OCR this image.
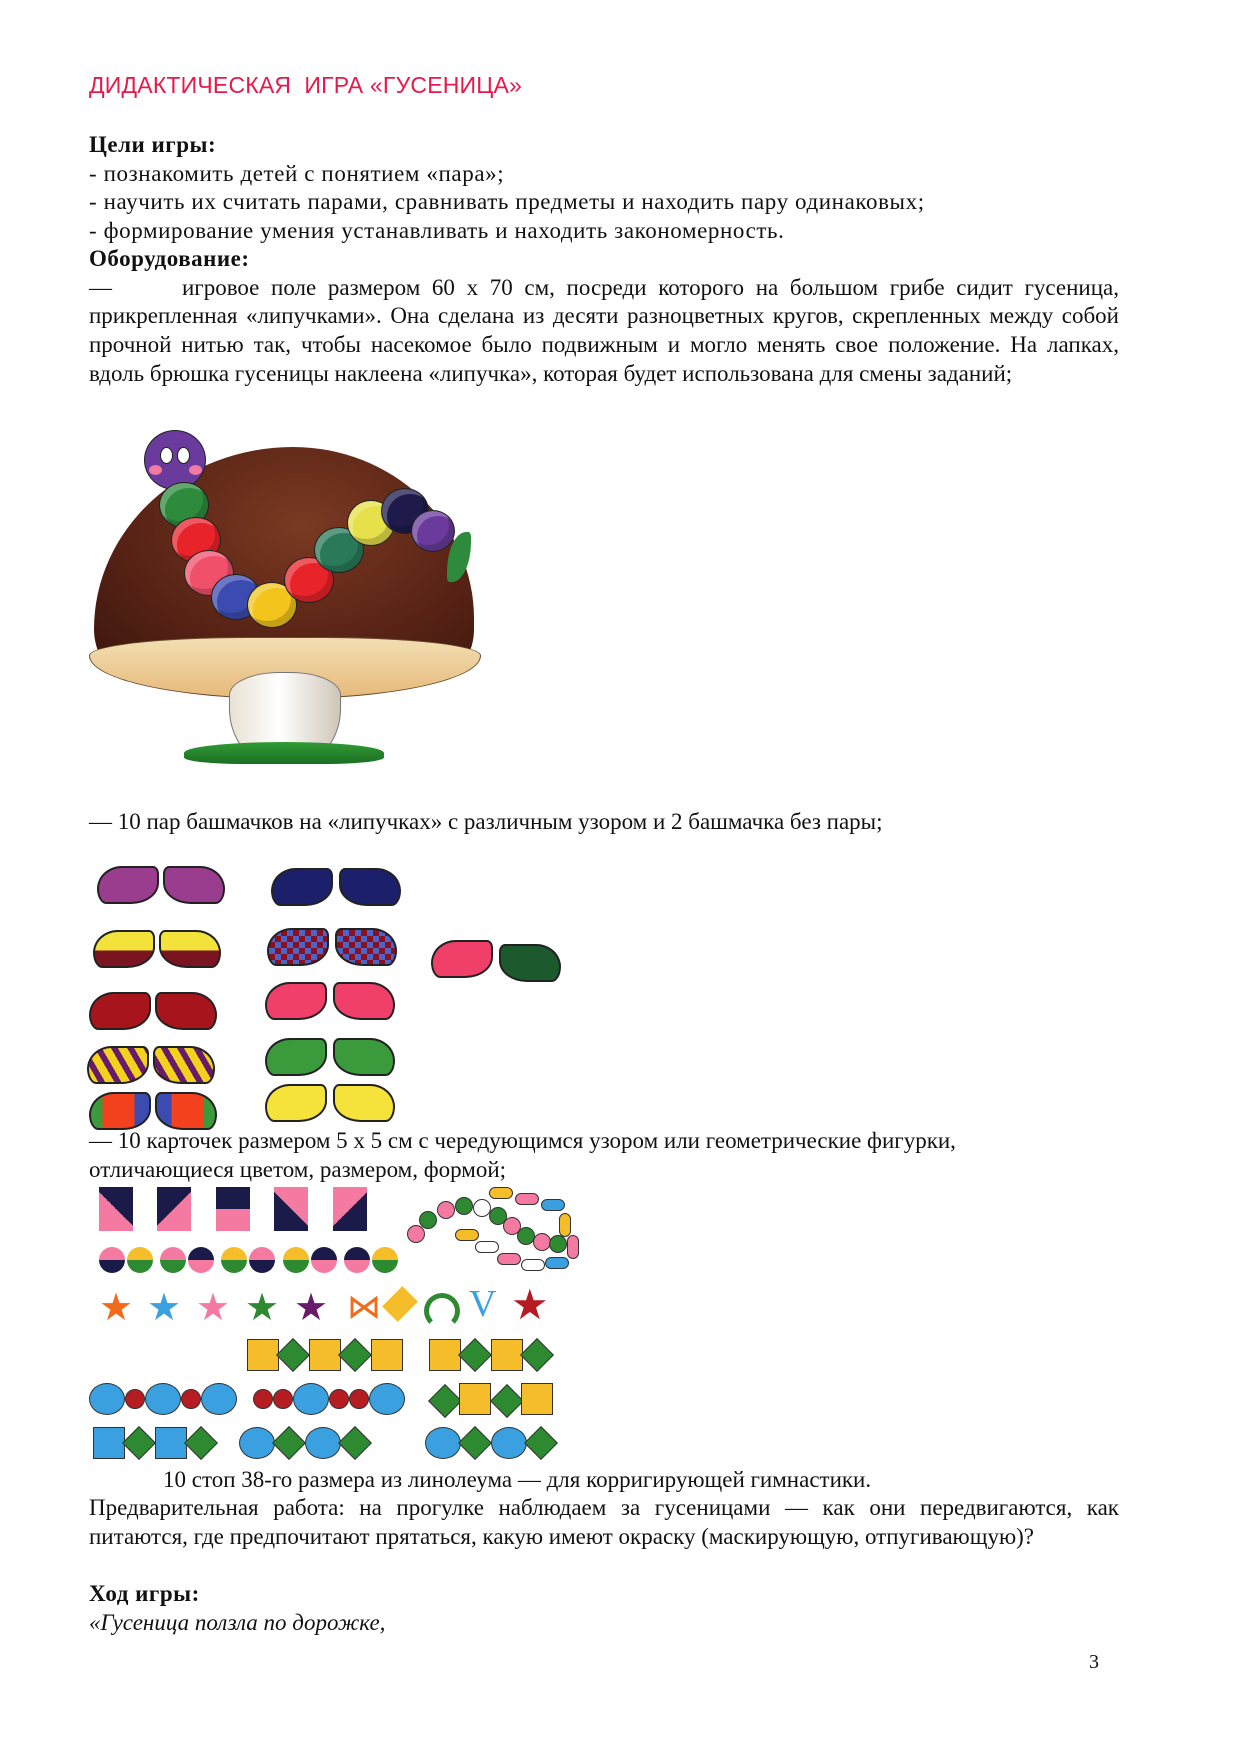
ДИДАКТИЧЕСКАЯ  ИГРА «ГУСЕНИЦА»
Цели игры:
- познакомить детей с понятием «пара»;
- научить их считать парами, сравнивать предметы и находить пару одинаковых;
- формирование умения устанавливать и находить закономерность.
Оборудование:
—      игровое поле размером 60 х 70 см, посреди которого на большом грибе сидит гусеница, прикрепленная «липучками». Она сделана из десяти разноцветных кругов, скрепленных между собой прочной нитью так, чтобы насекомое было подвижным и могло менять свое положение. На лапках, вдоль брюшка гусеницы наклеена «липучка», которая будет использована для смены заданий;
— 10 пар башмачков на «липучках» с различным узором и 2 башмачка без пары;
— 10 карточек размером 5 х 5 см с чередующимся узором или геометрические фигурки, отличающиеся цветом, размером, формой;
★ ★ ★ ★ ★ ⋈ V ★
10 стоп 38-го размера из линолеума — для корригирующей гимнастики.
Предварительная работа: на прогулке наблюдаем за гусеницами — как они передвигаются, как питаются, где предпочитают прятаться, какую имеют окраску (маскирующую, отпугивающую)?
Ход игры:
«Гусеница ползла по дорожке,
3
